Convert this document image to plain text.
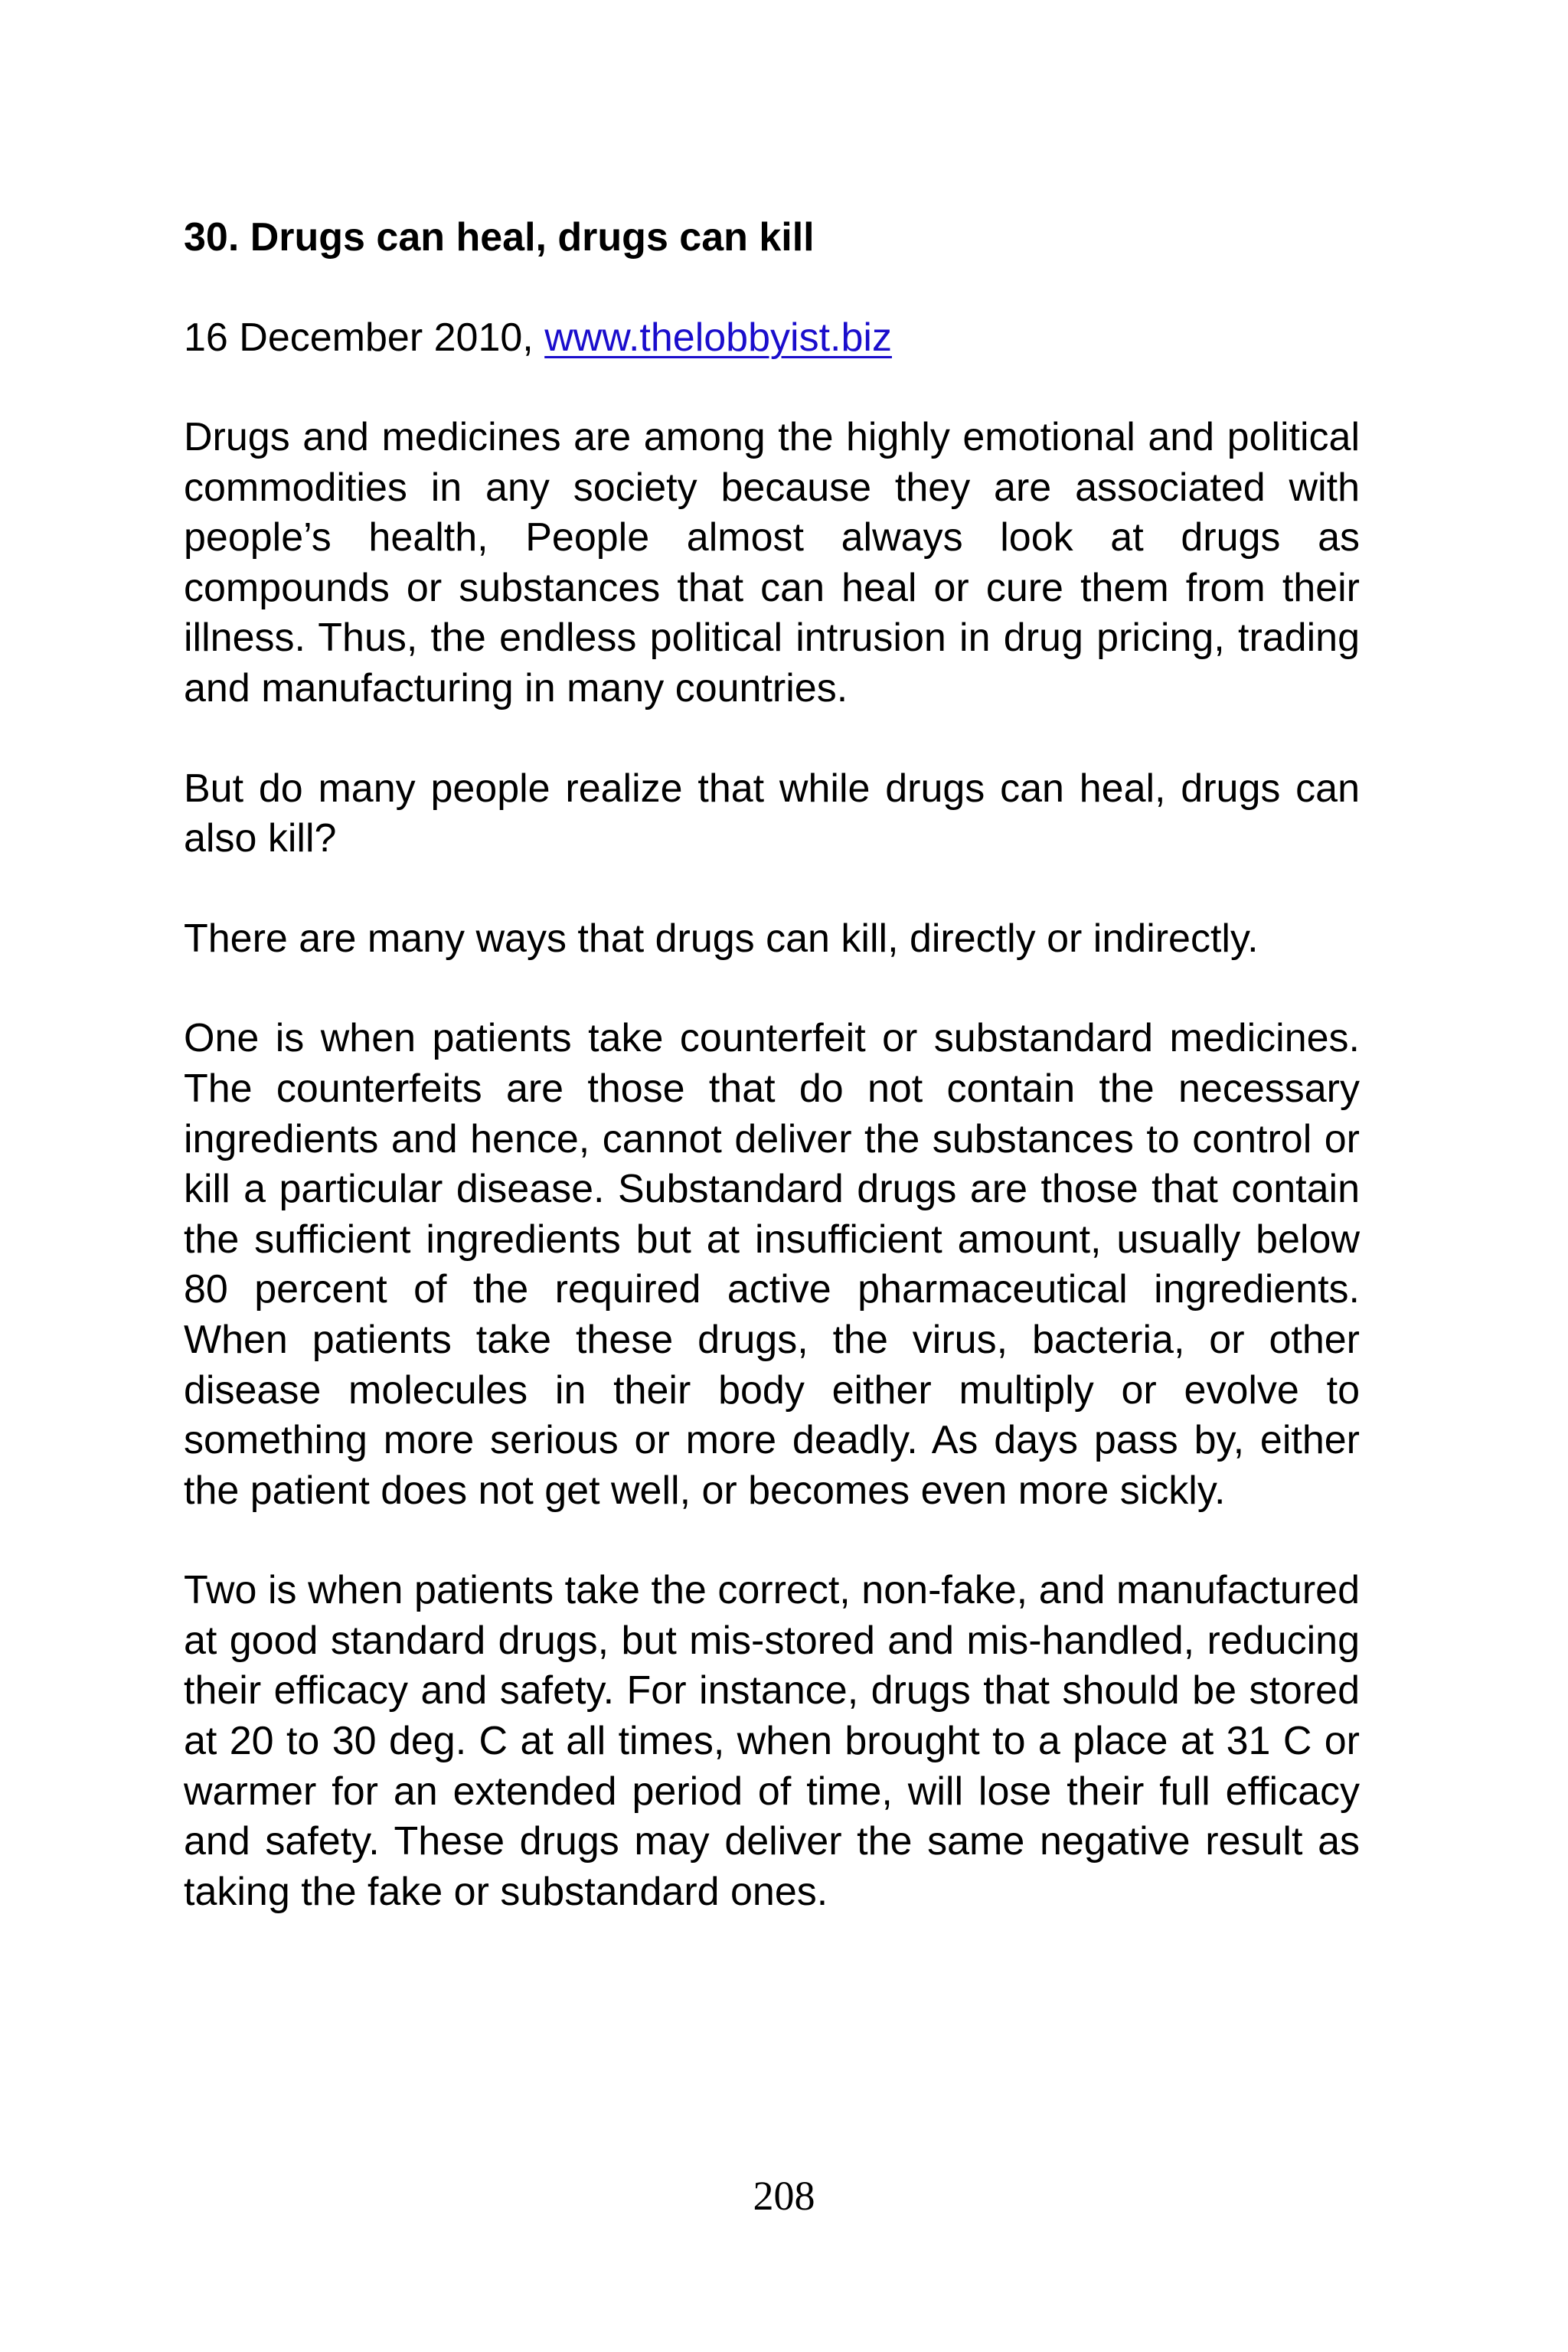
30. Drugs can heal, drugs can kill
16 December 2010, www.thelobbyist.biz

Drugs and medicines are among the highly emotional and political commodities in any society because they are associated with people’s health, People almost always look at drugs as compounds or substances that can heal or cure them from their illness. Thus, the endless political intrusion in drug pricing, trading and manufacturing in many countries.

But do many people realize that while drugs can heal, drugs can also kill?

There are many ways that drugs can kill, directly or indirectly.

One is when patients take counterfeit or substandard medicines. The counterfeits are those that do not contain the necessary ingredients and hence, cannot deliver the substances to control or kill a particular disease. Substandard drugs are those that contain the sufficient ingredients but at insufficient amount, usually below 80 percent of the required active pharmaceutical ingredients. When patients take these drugs, the virus, bacteria, or other disease molecules in their body either multiply or evolve to something more serious or more deadly. As days pass by, either the patient does not get well, or becomes even more sickly.

Two is when patients take the correct, non-fake, and manufactured at good standard drugs, but mis-stored and mis-handled, reducing their efficacy and safety. For instance, drugs that should be stored at 20 to 30 deg. C at all times, when brought to a place at 31 C or warmer for an extended period of time, will lose their full efficacy and safety. These drugs may deliver the same negative result as taking the fake or substandard ones.

208
